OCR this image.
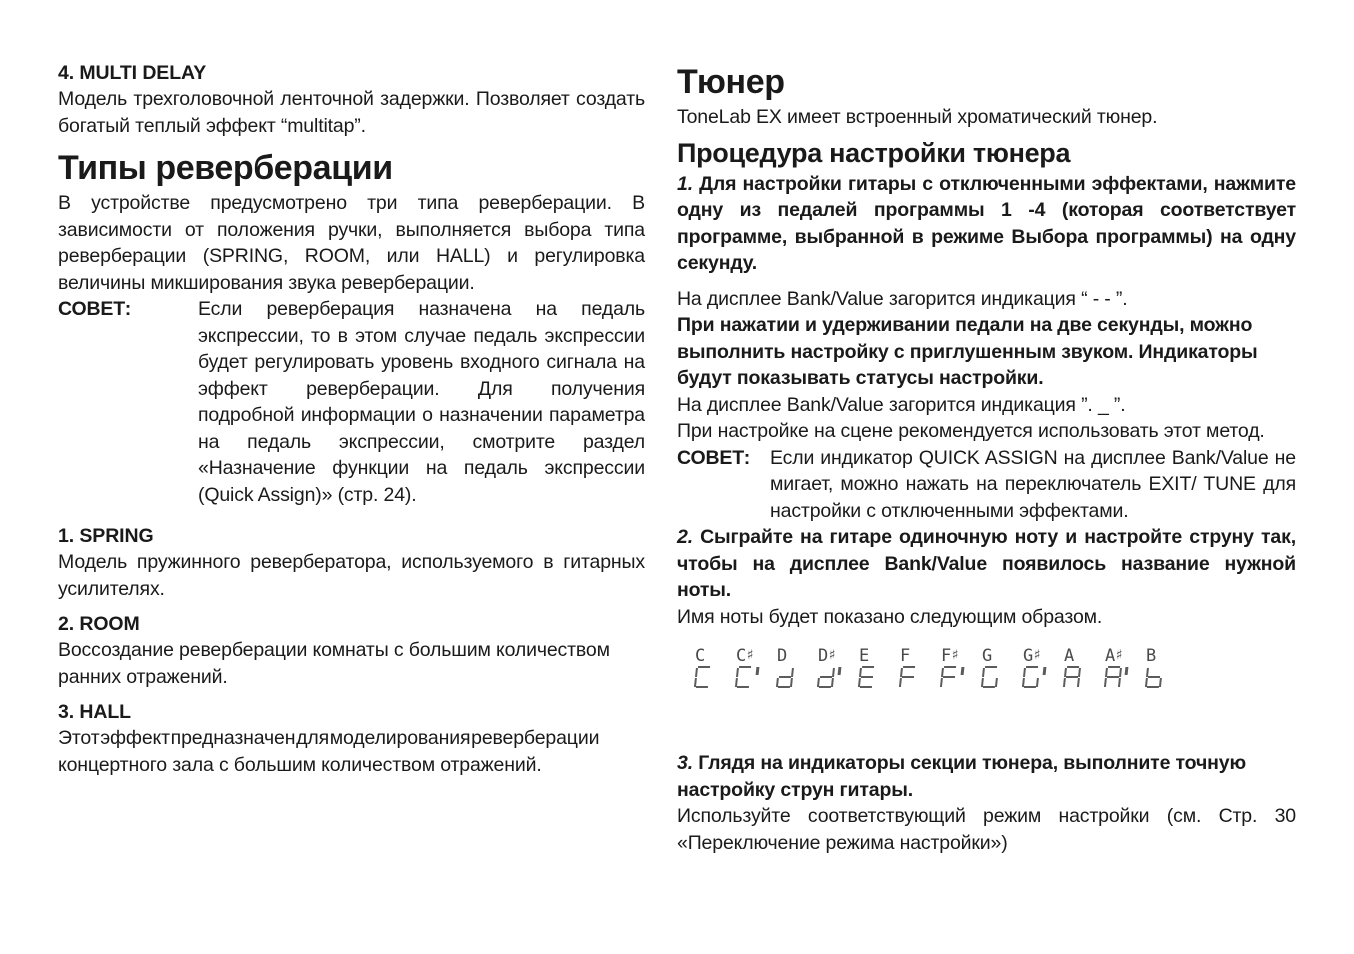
4. MULTI DELAY

Модель трехголовочной ленточной задержки. Позволяет создать богатый теплый эффект “multitap”.

Типы реверберации

В устройстве предусмотрено три типа реверберации. В зависимости от положения ручки, выполняется выбора типа реверберации (SPRING, ROOM, или HALL) и регулировка величины микширования звука реверберации.

СОВЕТ:	Если реверберация назначена на педаль экспрессии, то в этом случае педаль экспрессии будет регулировать уровень входного сигнала на эффект реверберации. Для получения подробной информации о назначении параметра на педаль экспрессии, смотрите раздел «Назначение функции на педаль экспрессии (Quick Assign)» (стр. 24).
1. SPRING

Модель пружинного ревербератора, используемого в гитарных усилителях.

2. ROOM

Воссоздание реверберации комнаты с большим количеством ранних отражений.

3. HALL

Этот эффект предназначен для моделирования реверберации

концертного зала с большим количеством отражений.

Тюнер

ToneLab EX имеет встроенный хроматический тюнер.

Процедура настройки тюнера

1. Для настройки гитары с отключенными эффектами, нажмите одну из педалей программы 1 -4 (которая соответствует программе, выбранной в режиме Выбора программы) на одну секунду.

На дисплее Bank/Value загорится индикация “ - - ”.

При нажатии и удерживании педали на две секунды, можно выполнить настройку с приглушенным звуком. Индикаторы будут показывать статусы настройки.

На дисплее Bank/Value загорится индикация ”. _ ”.

При настройке на сцене рекомендуется использовать этот метод.

СОВЕТ: Если индикатор QUICK ASSIGN на дисплее Bank/Value не мигает, можно нажать на переключатель EXIT/ TUNE для настройки с отключенными эффектами.

2. Сыграйте на гитаре одиночную ноту и настройте струну так, чтобы на дисплее Bank/Value появилось название нужной ноты.

Имя ноты будет показано следующим образом.

C	C♯	D	D♯	E	F	F♯	G	G♯	A	A♯	B

3. Глядя на индикаторы секции тюнера, выполните точную настройку струн гитары.

Используйте соответствующий режим настройки (см. Стр. 30 «Переключение режима настройки»)
